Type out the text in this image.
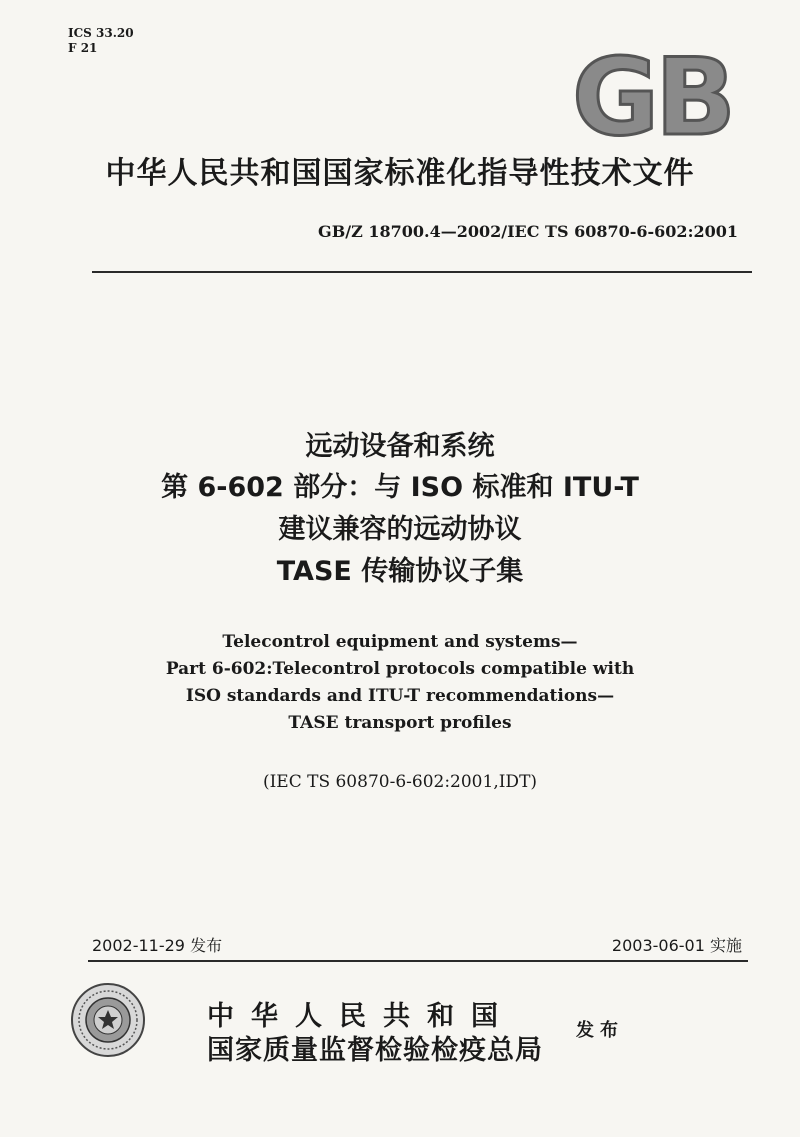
ICS 33.20
F 21	GB
中华人民共和国国家标准化指导性技术文件
GB/Z 18700.4—2002/IEC TS 60870-6-602:2001
远动设备和系统
第 6-602 部分：与 ISO 标准和 ITU-T
建议兼容的远动协议
TASE 传输协议子集
Telecontrol equipment and systems—
Part 6-602:Telecontrol protocols compatible with
ISO standards and ITU-T recommendations—
TASE transport profiles
(IEC TS 60870-6-602:2001,IDT)
2002-11-29 发布	2003-06-01 实施
中华人民共和国
国家质量监督检验检疫总局
发布
